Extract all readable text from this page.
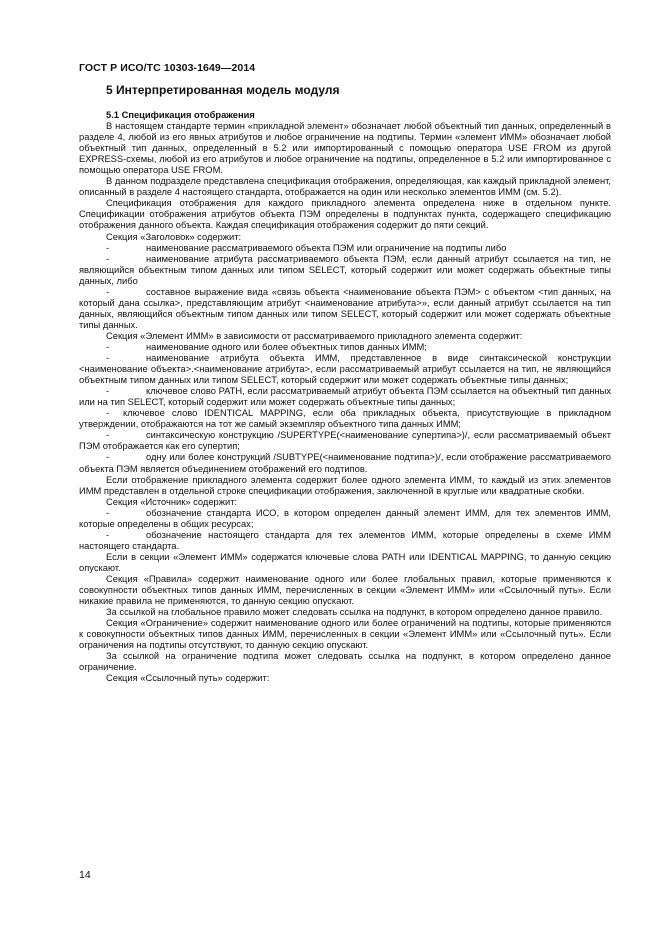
ГОСТ Р ИСО/ТС 10303-1649—2014
5 Интерпретированная модель модуля

5.1 Спецификация отображения

В настоящем стандарте термин «прикладной элемент» обозначает любой объектный тип данных, определенный в разделе 4, любой из его явных атрибутов и любое ограничение на подтипы. Термин «элемент ИММ» обозначает любой объектный тип данных, определенный в 5.2 или импортированный с помощью оператора USE FROM из другой EXPRESS-схемы, любой из его атрибутов и любое ограничение на подтипы, определенное в 5.2 или импортированное с помощью оператора USE FROM.

В данном подразделе представлена спецификация отображения, определяющая, как каждый прикладной элемент, описанный в разделе 4 настоящего стандарта, отображается на один или несколько элементов ИММ (см. 5.2).

Спецификация отображения для каждого прикладного элемента определена ниже в отдельном пункте. Спецификации отображения атрибутов объекта ПЭМ определены в подпунктах пункта, содержащего спецификацию отображения данного объекта. Каждая спецификация отображения содержит до пяти секций.

Секция «Заголовок» содержит:

-	наименование рассматриваемого объекта ПЭМ или ограничение на подтипы либо

-	наименование атрибута рассматриваемого объекта ПЭМ, если данный атрибут ссылается на тип, не являющийся объектным типом данных или типом SELECT, который содержит или может содержать объектные типы данных, либо

-	составное выражение вида «связь объекта <наименование объекта ПЭМ> с объектом <тип данных, на который дана ссылка>, представляющим атрибут <наименование атрибута>», если данный атрибут ссылается на тип данных, являющийся объектным типом данных или типом SELECT, который содержит или может содержать объектные типы данных.

Секция «Элемент ИММ» в зависимости от рассматриваемого прикладного элемента содержит:

-	наименование одного или более объектных типов данных ИММ;

-	наименование атрибута объекта ИММ, представленное в виде синтаксической конструкции <наименование объекта>.<наименование атрибута>, если рассматриваемый атрибут ссылается на тип, не являющийся объектным типом данных или типом SELECT, который содержит или может содержать объектные типы данных;

-	ключевое слово PATH, если рассматриваемый атрибут объекта ПЭМ ссылается на объектный тип данных или на тип SELECT, который содержит или может содержать объектные типы данных;

- ключевое слово IDENTICAL MAPPING, если оба прикладных объекта, присутствующие в прикладном утверждении, отображаются на тот же самый экземпляр объектного типа данных ИММ;

-	синтаксическую конструкцию /SUPERTYPE(<наименование супертипа>)/, если рассматриваемый объект ПЭМ отображается как его супертип;

-	одну или более конструкций /SUBTYPE(<наименование подтипа>)/, если отображение рассматриваемого объекта ПЭМ является объединением отображений его подтипов.

Если отображение прикладного элемента содержит более одного элемента ИММ, то каждый из этих элементов ИММ представлен в отдельной строке спецификации отображения, заключенной в круглые или квадратные скобки.

Секция «Источник» содержит:

-	обозначение стандарта ИСО, в котором определен данный элемент ИММ, для тех элементов ИММ, которые определены в общих ресурсах;

-	обозначение настоящего стандарта для тех элементов ИММ, которые определены в схеме ИММ настоящего стандарта.

Если в секции «Элемент ИММ» содержатся ключевые слова PATH или IDENTICAL MAPPING, то данную секцию опускают.

Секция «Правила» содержит наименование одного или более глобальных правил, которые применяются к совокупности объектных типов данных ИММ, перечисленных в секции «Элемент ИММ» или «Ссылочный путь». Если никакие правила не применяются, то данную секцию опускают.

За ссылкой на глобальное правило может следовать ссылка на подпункт, в котором определено данное правило.

Секция «Ограничение» содержит наименование одного или более ограничений на подтипы, которые применяются к совокупности объектных типов данных ИММ, перечисленных в секции «Элемент ИММ» или «Ссылочный путь». Если ограничения на подтипы отсутствуют, то данную секцию опускают.

За ссылкой на ограничение подтипа может следовать ссылка на подпункт, в котором определено данное ограничение.

Секция «Ссылочный путь» содержит:

14
